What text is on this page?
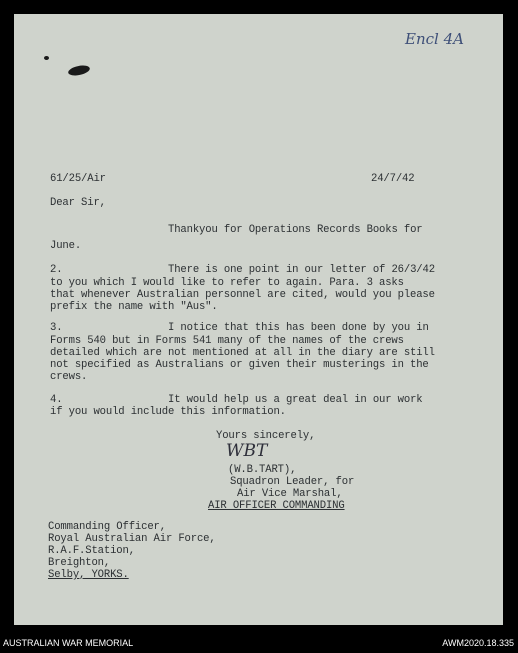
Encl 4A
61/25/Air	24/7/42
Dear Sir,
Thankyou for Operations Records Books for
June.
2.	There is one point in our letter of 26/3/42
to you which I would like to refer to again. Para. 3 asks
that whenever Australian personnel are cited, would you please
prefix the name with "Aus".
3.	I notice that this has been done by you in
Forms 540 but in Forms 541 many of the names of the crews
detailed which are not mentioned at all in the diary are still
not specified as Australians or given their musterings in the
crews.
4.	It would help us a great deal in our work
if you would include this information.
Yours sincerely,
WBT
(W.B.TART),
Squadron Leader, for
Air Vice Marshal,
AIR OFFICER COMMANDING
Commanding Officer,
Royal Australian Air Force,
R.A.F.Station,
Breighton,
Selby, YORKS.
AUSTRALIAN WAR MEMORIAL	AWM2020.18.335
